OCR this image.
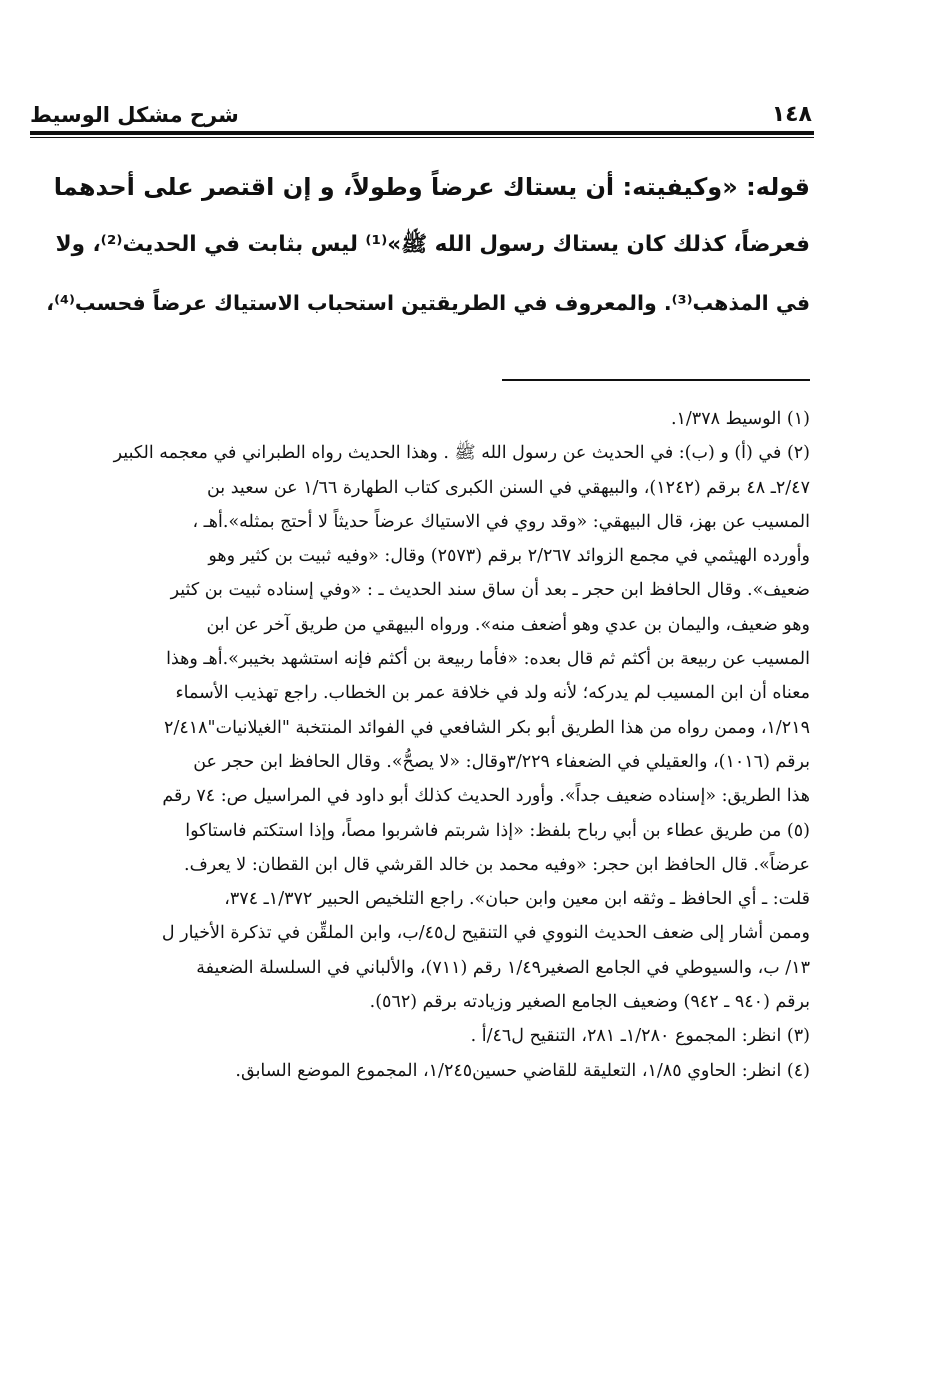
١٤٨
شرح مشكل الوسيط
قوله: «وكيفيته: أن يستاك عرضاً وطولاً، و إن اقتصر على أحدهما
فعرضاً، كذلك كان يستاك رسول الله ﷺ»⁽¹⁾ ليس بثابت في الحديث⁽²⁾، ولا
في المذهب⁽³⁾. والمعروف في الطريقتين استحباب الاستياك عرضاً فحسب⁽⁴⁾،
(١) الوسيط ١/٣٧٨.
(٢) في (أ) و (ب): في الحديث عن رسول الله ﷺ . وهذا الحديث رواه الطبراني في معجمه الكبير
٢/٤٧ـ ٤٨ برقم (١٢٤٢)، والبيهقي في السنن الكبرى كتاب الطهارة ١/٦٦ عن سعيد بن
المسيب عن بهز، قال البيهقي: «وقد روي في الاستياك عرضاً حديثاً لا أحتج بمثله».أهـ ،
وأورده الهيثمي في مجمع الزوائد ٢/٢٦٧ برقم (٢٥٧٣) وقال: «وفيه ثبيت بن كثير وهو
ضعيف». وقال الحافظ ابن حجر ـ بعد أن ساق سند الحديث ـ : «وفي إسناده ثبيت بن كثير
وهو ضعيف، واليمان بن عدي وهو أضعف منه». ورواه البيهقي من طريق آخر عن ابن
المسيب عن ربيعة بن أكثم ثم قال بعده: «فأما ربيعة بن أكثم فإنه استشهد بخيبر».أهـ وهذا
معناه أن ابن المسيب لم يدركه؛ لأنه ولد في خلافة عمر بن الخطاب. راجع تهذيب الأسماء
١/٢١٩، وممن رواه من هذا الطريق أبو بكر الشافعي في الفوائد المنتخبة "الغيلانيات"٢/٤١٨
برقم (١٠١٦)، والعقيلي في الضعفاء ٣/٢٢٩وقال: «لا يصحُّ». وقال الحافظ ابن حجر عن
هذا الطريق: «إسناده ضعيف جداً». وأورد الحديث كذلك أبو داود في المراسيل ص: ٧٤ رقم
(٥) من طريق عطاء بن أبي رباح بلفظ: «إذا شربتم فاشربوا مصاً، وإذا استكتم فاستاكوا
عرضاً». قال الحافظ ابن حجر: «وفيه محمد بن خالد القرشي قال ابن القطان: لا يعرف.
قلت: ـ أي الحافظ ـ وثقه ابن معين وابن حبان». راجع التلخيص الحبير ١/٣٧٢ـ ٣٧٤،
وممن أشار إلى ضعف الحديث النووي في التنقيح ل٤٥/ب، وابن الملقِّن في تذكرة الأخيار ل
١٣/ ب، والسيوطي في الجامع الصغير١/٤٩ رقم (٧١١)، والألباني في السلسلة الضعيفة
برقم (٩٤٠ ـ ٩٤٢) وضعيف الجامع الصغير وزيادته برقم (٥٦٢).
(٣) انظر: المجموع ١/٢٨٠ـ ٢٨١، التنقيح ل٤٦/أ .
(٤) انظر: الحاوي ١/٨٥، التعليقة للقاضي حسين١/٢٤٥، المجموع الموضع السابق.
